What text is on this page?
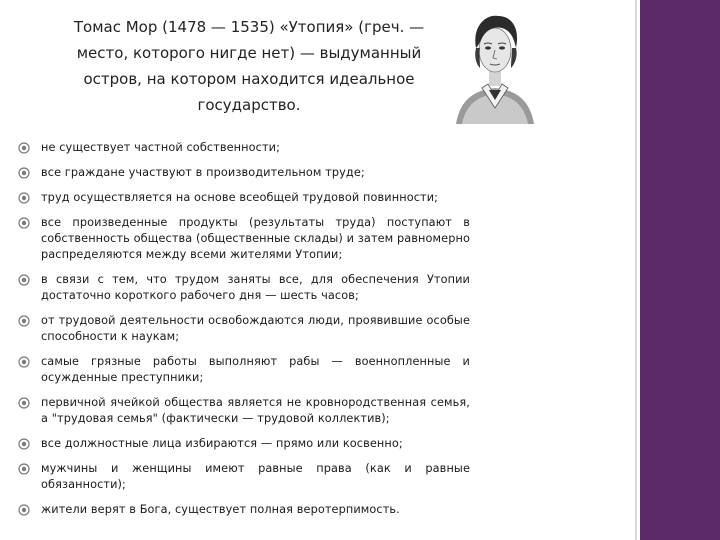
Томас Мор (1478 — 1535) «Утопия» (греч. —
место, которого нигде нет) — выдуманный
остров, на котором находится идеальное
государство.
не существует частной собственности;
все граждане участвуют в производительном труде;
труд осуществляется на основе всеобщей трудовой повинности;
все произведенные продукты (результаты труда) поступают в собственность общества (общественные склады) и затем равномерно распределяются между всеми жителями Утопии;
в связи с тем, что трудом заняты все, для обеспечения Утопии достаточно короткого рабочего дня — шесть часов;
от трудовой деятельности освобождаются люди, проявившие особые способности к наукам;
самые грязные работы выполняют рабы — военнопленные и осужденные преступники;
первичной ячейкой общества является не кровнородственная семья, а "трудовая семья" (фактически — трудовой коллектив);
все должностные лица избираются — прямо или косвенно;
мужчины и женщины имеют равные права (как и равные обязанности);
жители верят в Бога, существует полная веротерпимость.
